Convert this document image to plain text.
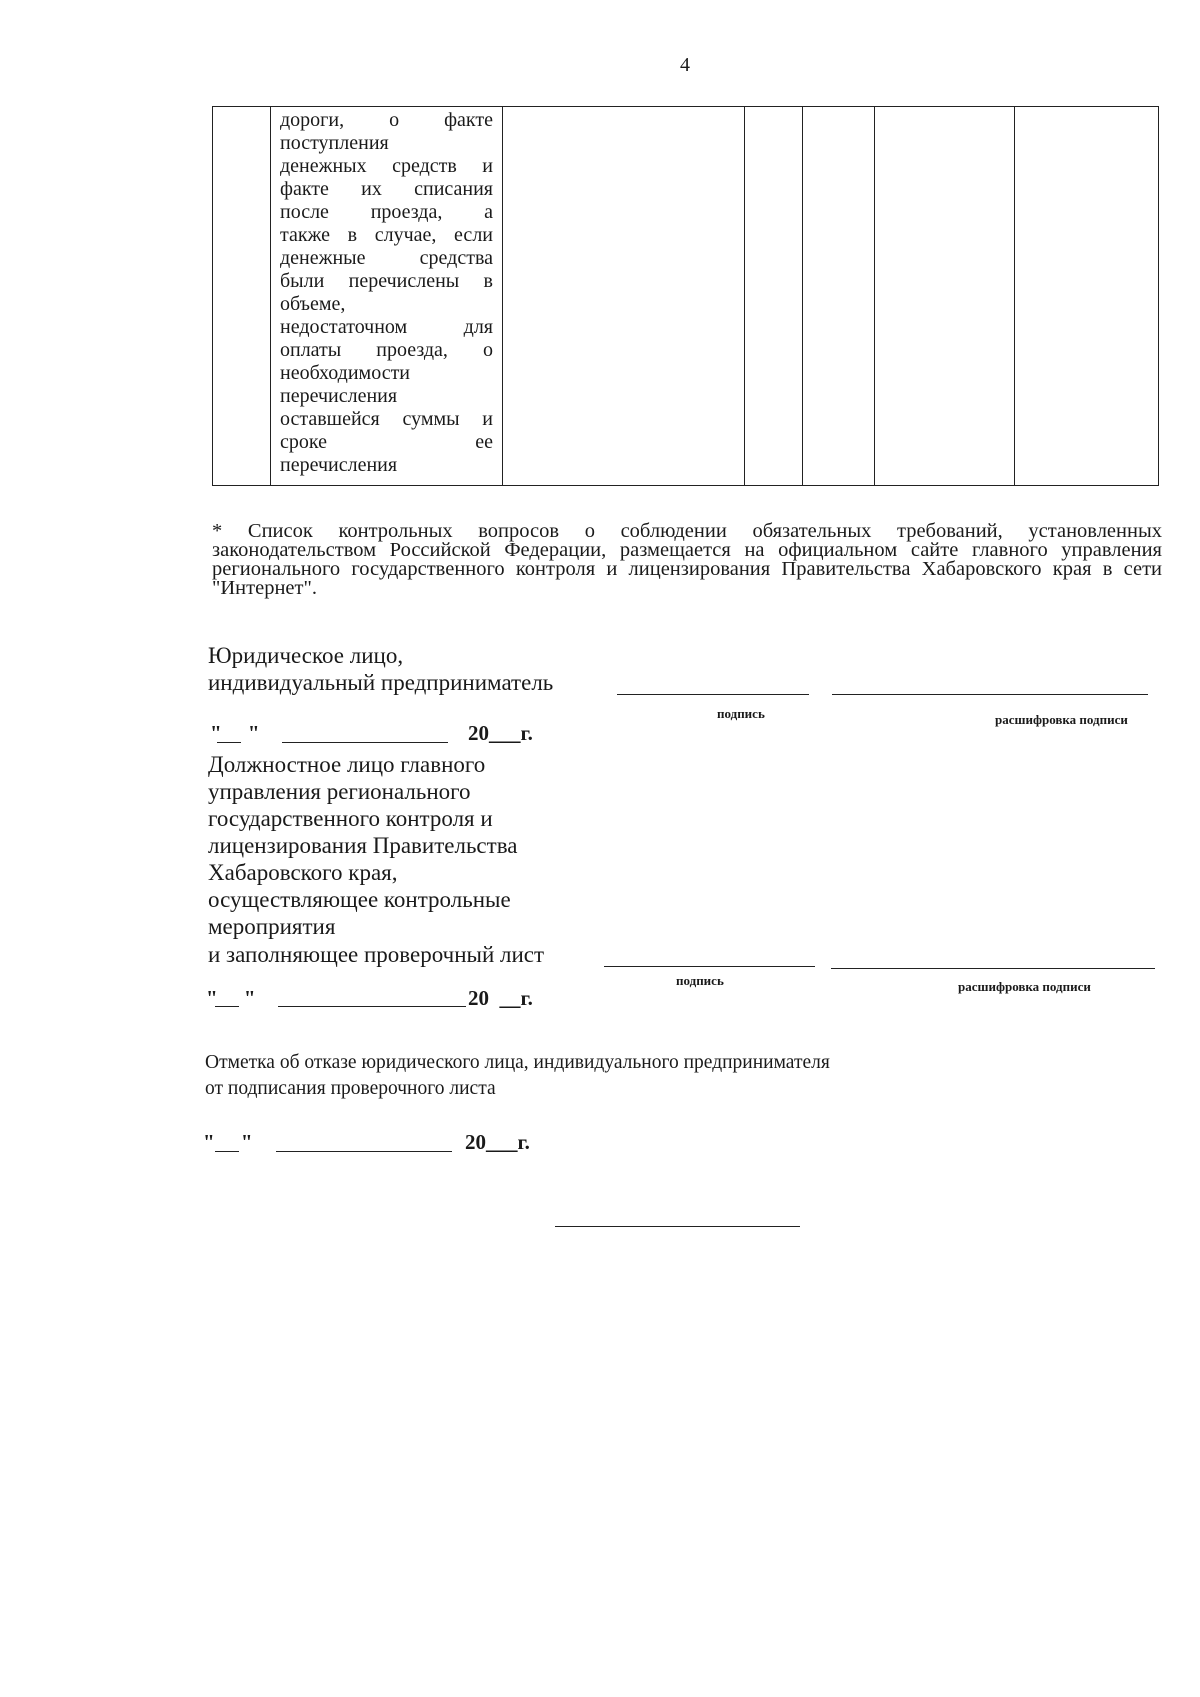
4

дороги, о факте
поступления
денежных средств и
факте их списания
после проезда, а
также в случае, если
денежные средства
были перечислены в
объеме,
недостаточном для
оплаты проезда, о
необходимости
перечисления
оставшейся суммы и
сроке ее
перечисления

* Список контрольных вопросов о соблюдении обязательных требований, установленных законодательством Российской Федерации, размещается на официальном сайте главного управления регионального государственного контроля и лицензирования Правительства Хабаровского края в сети "Интернет".
Юридическое лицо,
индивидуальный предприниматель
подпись	расшифровка подписи
"     "	20___г.
Должностное лицо главного
управления регионального
государственного контроля и
лицензирования Правительства
Хабаровского края,
осуществляющее контрольные
мероприятия
и заполняющее проверочный лист
подпись	расшифровка подписи
"     "	20  __г.
Отметка об отказе юридического лица, индивидуального предпринимателя
от подписания проверочного листа
"     "	20___г.
